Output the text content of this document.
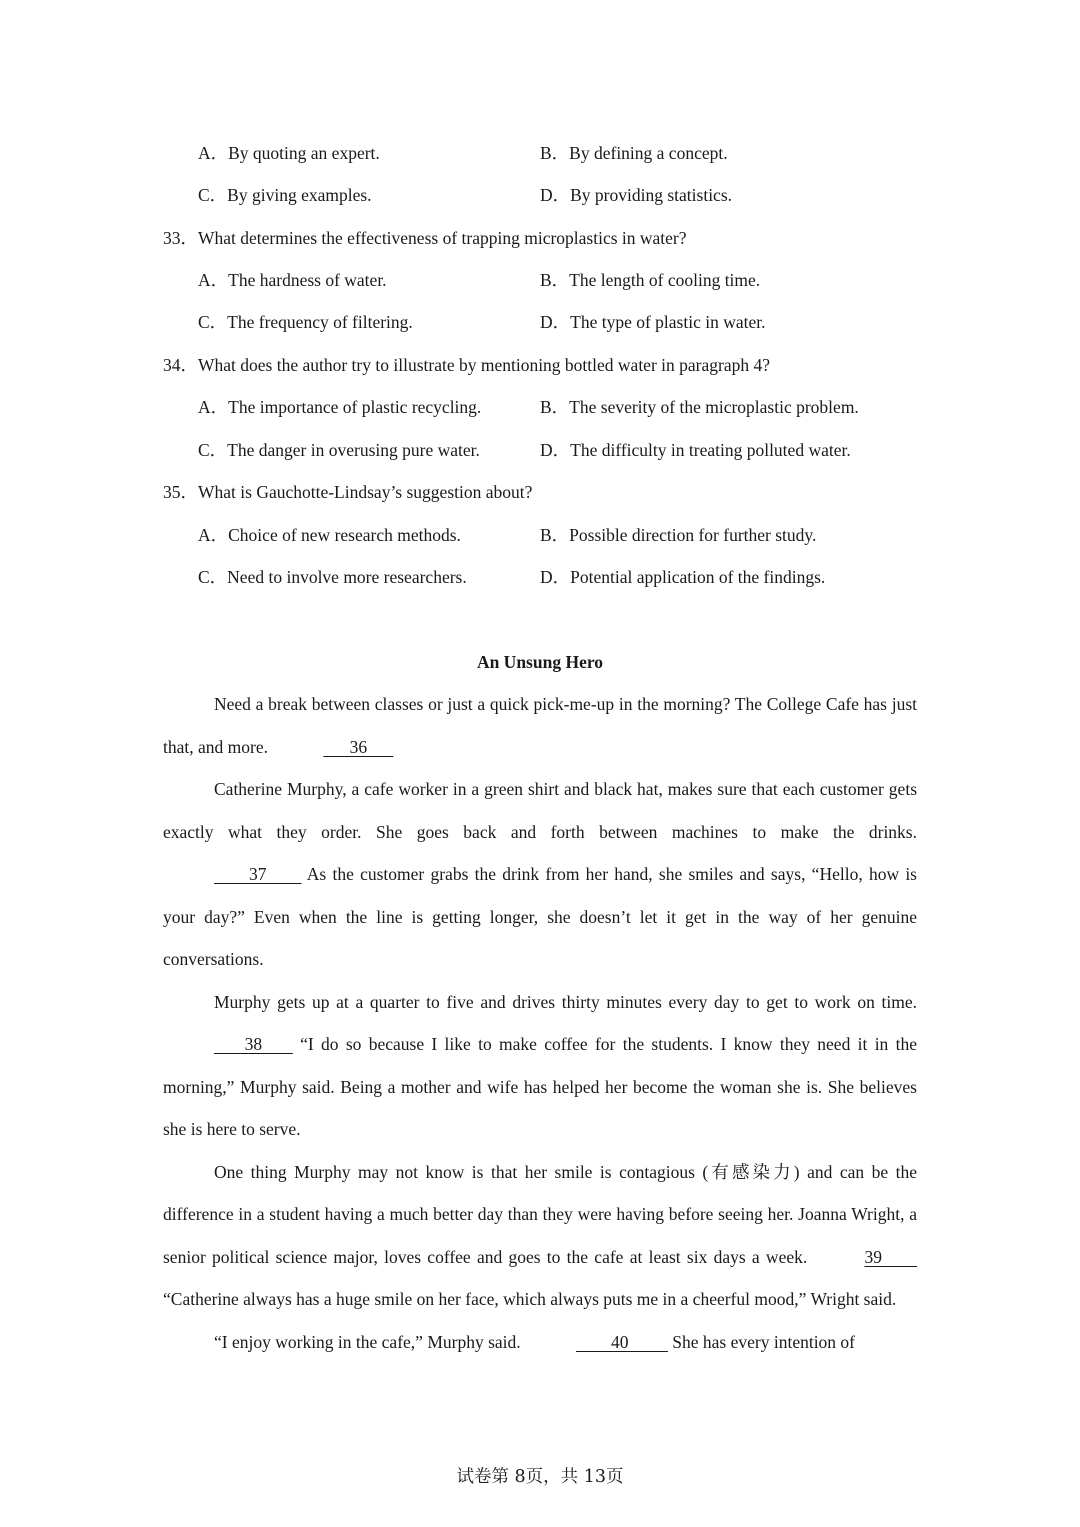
A．By quoting an expert.	B．By defining a concept.
C．By giving examples.	D．By providing statistics.
33．What determines the effectiveness of trapping microplastics in water?
A．The hardness of water.	B．The length of cooling time.
C．The frequency of filtering.	D．The type of plastic in water.
34．What does the author try to illustrate by mentioning bottled water in paragraph 4?
A．The importance of plastic recycling.	B．The severity of the microplastic problem.
C．The danger in overusing pure water.	D．The difficulty in treating polluted water.
35．What is Gauchotte-Lindsay’s suggestion about?
A．Choice of new research methods.	B．Possible direction for further study.
C．Need to involve more researchers.	D．Potential application of the findings.
An Unsung Hero

Need a break between classes or just a quick pick-me-up in the morning? The College Cafe has just that, and more.	36

Catherine Murphy, a cafe worker in a green shirt and black hat, makes sure that each customer gets exactly what they order. She goes back and forth between machines to make the drinks.         37         As the customer grabs the drink from her hand, she smiles and says, “Hello, how is your day?” Even when the line is getting longer, she doesn’t let it get in the way of her genuine conversations.

Murphy gets up at a quarter to five and drives thirty minutes every day to get to work on time.        38        “I do so because I like to make coffee for the students. I know they need it in the morning,” Murphy said. Being a mother and wife has helped her become the woman she is. She believes she is here to serve.

One thing Murphy may not know is that her smile is contagious (有感染力) and can be the difference in a student having a much better day than they were having before seeing her. Joanna Wright, a senior political science major, loves coffee and goes to the cafe at least six days a week.	39         “Catherine always has a huge smile on her face, which always puts me in a cheerful mood,” Wright said.

“I enjoy working in the cafe,” Murphy said.	40          She has every intention of

试卷第 8页，共 13页
